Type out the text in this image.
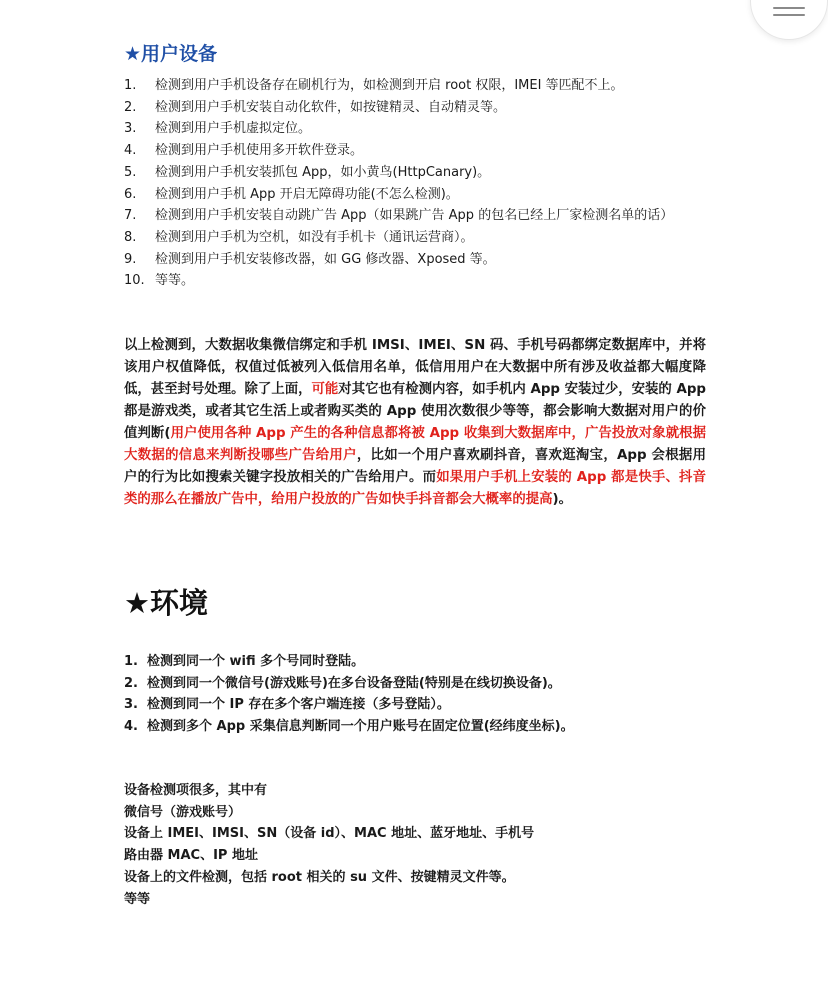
★用户设备
1. 检测到用户手机设备存在刷机行为，如检测到开启 root 权限，IMEI 等匹配不上。
2. 检测到用户手机安装自动化软件，如按键精灵、自动精灵等。
3. 检测到用户手机虚拟定位。
4. 检测到用户手机使用多开软件登录。
5. 检测到用户手机安装抓包 App，如小黄鸟(HttpCanary)。
6. 检测到用户手机 App 开启无障碍功能(不怎么检测)。
7. 检测到用户手机安装自动跳广告 App（如果跳广告 App 的包名已经上厂家检测名单的话）
8. 检测到用户手机为空机，如没有手机卡（通讯运营商）。
9. 检测到用户手机安装修改器，如 GG 修改器、Xposed 等。
10. 等等。

以上检测到，大数据收集微信绑定和手机 IMSI、IMEI、SN 码、手机号码都绑定数据库中，并将该用户权值降低，权值过低被列入低信用名单，低信用用户在大数据中所有涉及收益都大幅度降低，甚至封号处理。除了上面，可能对其它也有检测内容，如手机内 App 安装过少，安装的 App 都是游戏类，或者其它生活上或者购买类的 App 使用次数很少等等，都会影响大数据对用户的价值判断(用户使用各种 App 产生的各种信息都将被 App 收集到大数据库中，广告投放对象就根据大数据的信息来判断投哪些广告给用户，比如一个用户喜欢刷抖音，喜欢逛淘宝，App 会根据用户的行为比如搜索关键字投放相关的广告给用户。而如果用户手机上安装的 App 都是快手、抖音类的那么在播放广告中，给用户投放的广告如快手抖音都会大概率的提高)。

★环境
1. 检测到同一个 wifi 多个号同时登陆。
2. 检测到同一个微信号(游戏账号)在多台设备登陆(特别是在线切换设备)。
3. 检测到同一个 IP 存在多个客户端连接（多号登陆）。
4. 检测到多个 App 采集信息判断同一个用户账号在固定位置(经纬度坐标)。
设备检测项很多，其中有
微信号（游戏账号）
设备上 IMEI、IMSI、SN（设备 id）、MAC 地址、蓝牙地址、手机号
路由器 MAC、IP 地址
设备上的文件检测，包括 root 相关的 su 文件、按键精灵文件等。
等等
